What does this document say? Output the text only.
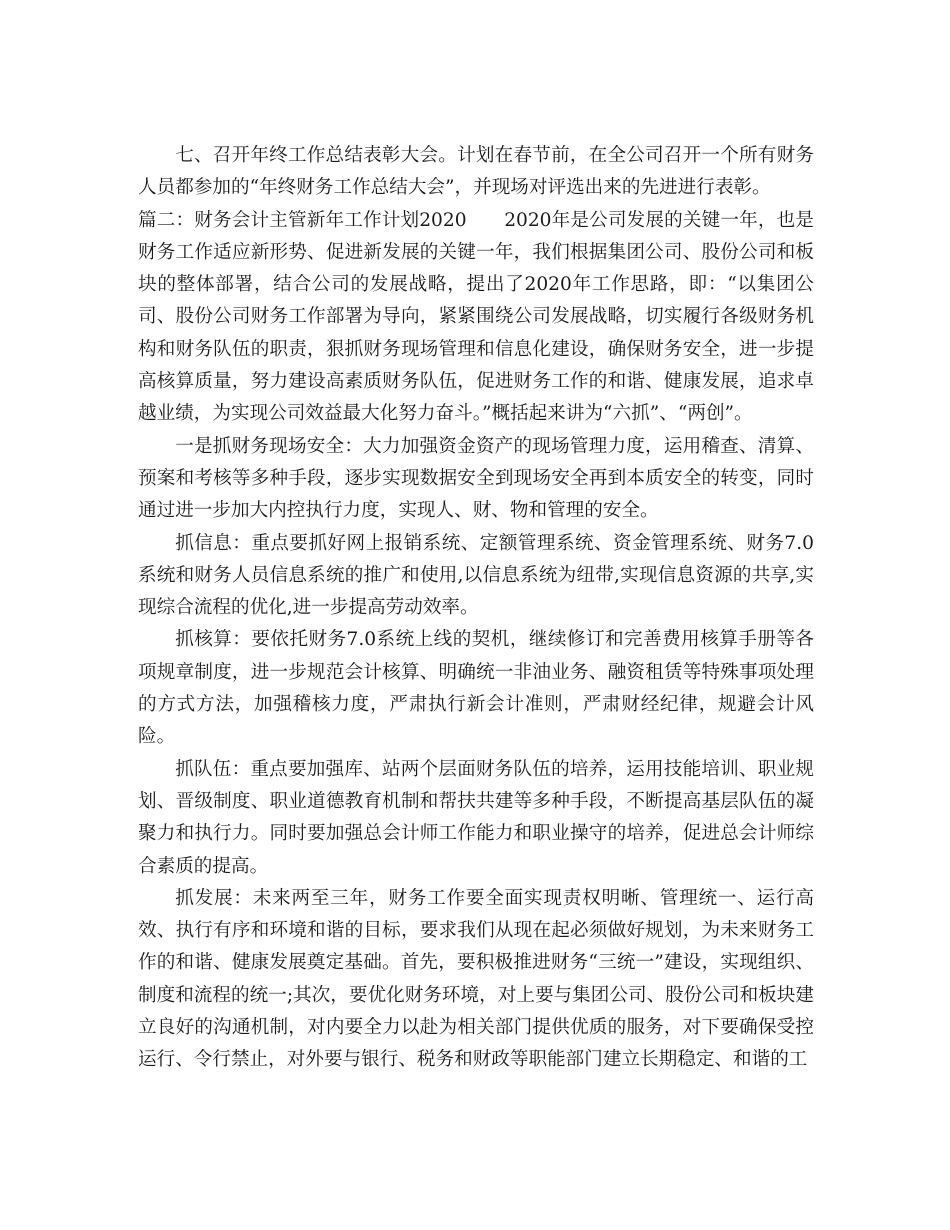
七、召开年终工作总结表彰大会。计划在春节前，在全公司召开一个所有财务人员都参加的“年终财务工作总结大会”，并现场对评选出来的先进进行表彰。

篇二：财务会计主管新年工作计划2020　　2020年是公司发展的关键一年，也是财务工作适应新形势、促进新发展的关键一年，我们根据集团公司、股份公司和板块的整体部署，结合公司的发展战略，提出了2020年工作思路，即：“以集团公司、股份公司财务工作部署为导向，紧紧围绕公司发展战略，切实履行各级财务机构和财务队伍的职责，狠抓财务现场管理和信息化建设，确保财务安全，进一步提高核算质量，努力建设高素质财务队伍，促进财务工作的和谐、健康发展，追求卓越业绩，为实现公司效益最大化努力奋斗。”概括起来讲为“六抓”、“两创”。

一是抓财务现场安全：大力加强资金资产的现场管理力度，运用稽查、清算、预案和考核等多种手段，逐步实现数据安全到现场安全再到本质安全的转变，同时通过进一步加大内控执行力度，实现人、财、物和管理的安全。

抓信息：重点要抓好网上报销系统、定额管理系统、资金管理系统、财务7.0系统和财务人员信息系统的推广和使用,以信息系统为纽带,实现信息资源的共享,实现综合流程的优化,进一步提高劳动效率。

抓核算：要依托财务7.0系统上线的契机，继续修订和完善费用核算手册等各项规章制度，进一步规范会计核算、明确统一非油业务、融资租赁等特殊事项处理的方式方法，加强稽核力度，严肃执行新会计准则，严肃财经纪律，规避会计风险。

抓队伍：重点要加强库、站两个层面财务队伍的培养，运用技能培训、职业规划、晋级制度、职业道德教育机制和帮扶共建等多种手段，不断提高基层队伍的凝聚力和执行力。同时要加强总会计师工作能力和职业操守的培养，促进总会计师综合素质的提高。

抓发展：未来两至三年，财务工作要全面实现责权明晰、管理统一、运行高效、执行有序和环境和谐的目标，要求我们从现在起必须做好规划，为未来财务工作的和谐、健康发展奠定基础。首先，要积极推进财务“三统一”建设，实现组织、制度和流程的统一;其次，要优化财务环境，对上要与集团公司、股份公司和板块建立良好的沟通机制，对内要全力以赴为相关部门提供优质的服务，对下要确保受控运行、令行禁止，对外要与银行、税务和财政等职能部门建立长期稳定、和谐的工
